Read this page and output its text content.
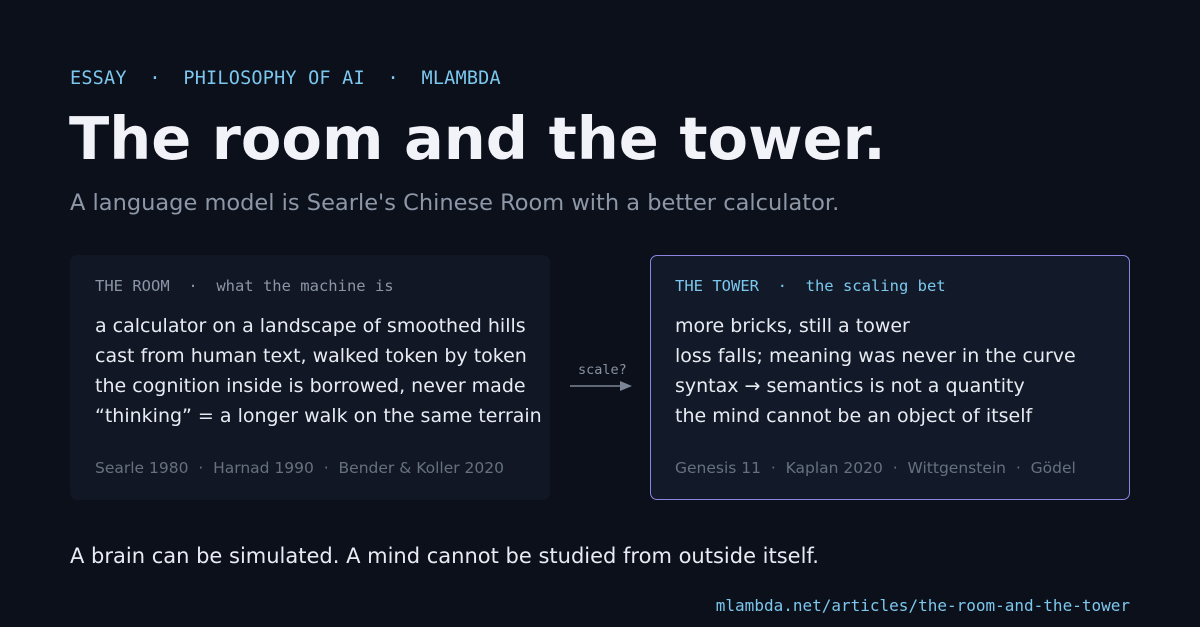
ESSAY  ·  PHILOSOPHY OF AI  ·  MLAMBDA
The room and the tower.
A language model is Searle's Chinese Room with a better calculator.
THE ROOM  ·  what the machine is
a calculator on a landscape of smoothed hills
cast from human text, walked token by token
the cognition inside is borrowed, never made
“thinking” = a longer walk on the same terrain
Searle 1980  ·  Harnad 1990  ·  Bender & Koller 2020
scale?
THE TOWER  ·  the scaling bet
more bricks, still a tower
loss falls; meaning was never in the curve
syntax → semantics is not a quantity
the mind cannot be an object of itself
Genesis 11  ·  Kaplan 2020  ·  Wittgenstein  ·  Gödel
A brain can be simulated. A mind cannot be studied from outside itself.
mlambda.net/articles/the-room-and-the-tower
